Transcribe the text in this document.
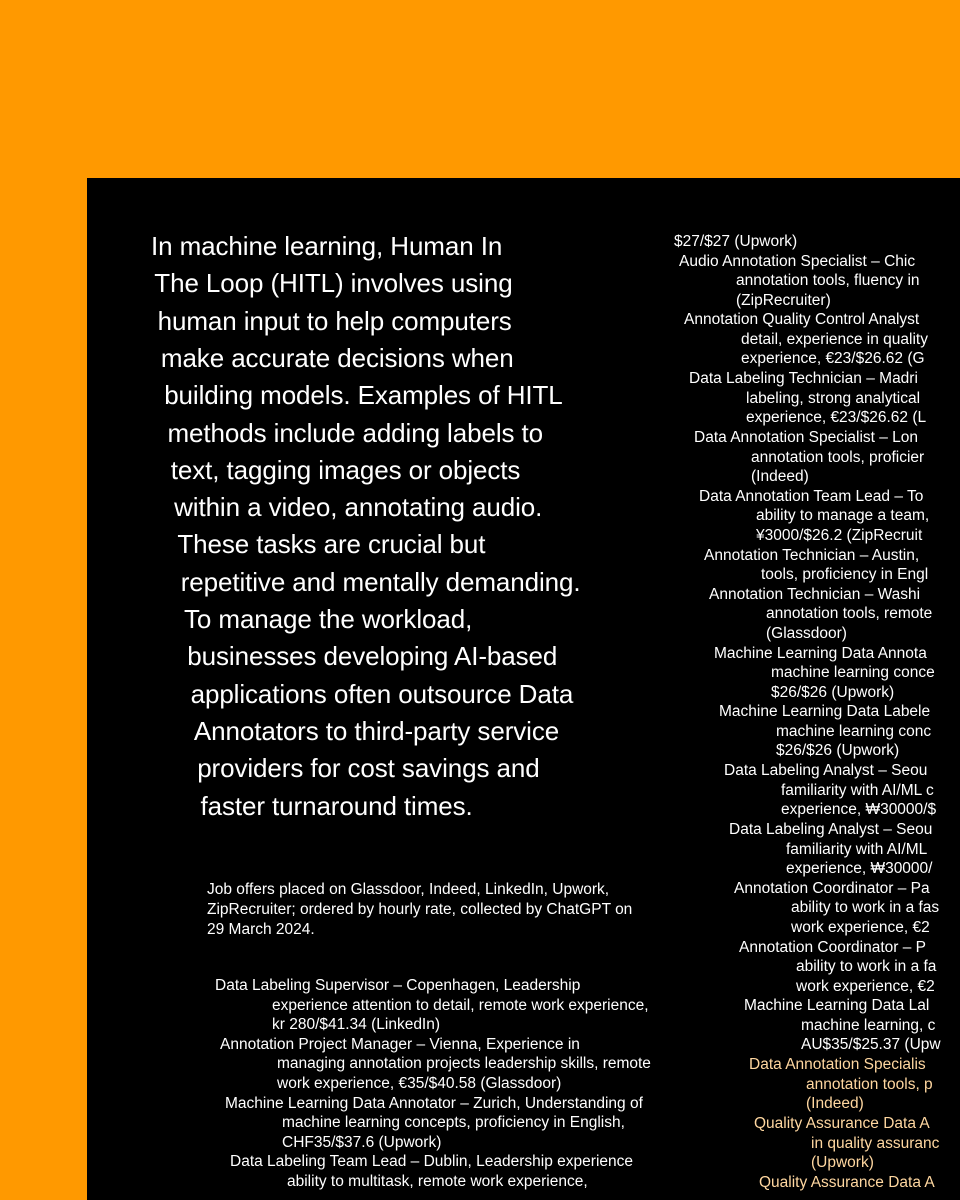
In machine learning, Human In
The Loop (HITL) involves using
human input to help computers
make accurate decisions when
building models. Examples of HITL
methods include adding labels to
text, tagging images or objects
within a video, annotating audio.
These tasks are crucial but
repetitive and mentally demanding.
To manage the workload,
businesses developing AI-based
applications often outsource Data
Annotators to third-party service
providers for cost savings and
faster turnaround times.
Job offers placed on Glassdoor, Indeed, LinkedIn, Upwork,
ZipRecruiter; ordered by hourly rate, collected by ChatGPT on
29 March 2024.
Data Labeling Supervisor – Copenhagen, Leadership
experience attention to detail, remote work experience,
kr 280/$41.34 (LinkedIn)
Annotation Project Manager – Vienna, Experience in
managing annotation projects leadership skills, remote
work experience, €35/$40.58 (Glassdoor)
Machine Learning Data Annotator – Zurich, Understanding of
machine learning concepts, proficiency in English,
CHF35/$37.6 (Upwork)
Data Labeling Team Lead – Dublin, Leadership experience
ability to multitask, remote work experience,
$27/$27 (Upwork)
Audio Annotation Specialist – Chic
annotation tools, fluency in
(ZipRecruiter)
Annotation Quality Control Analyst
detail, experience in quality
experience, €23/$26.62 (G
Data Labeling Technician – Madri
labeling, strong analytical
experience, €23/$26.62 (L
Data Annotation Specialist – Lon
annotation tools, proficier
(Indeed)
Data Annotation Team Lead – To
ability to manage a team,
¥3000/$26.2 (ZipRecruit
Annotation Technician – Austin,
tools, proficiency in Engl
Annotation Technician – Washi
annotation tools, remote
(Glassdoor)
Machine Learning Data Annota
machine learning conce
$26/$26 (Upwork)
Machine Learning Data Labele
machine learning conc
$26/$26 (Upwork)
Data Labeling Analyst – Seou
familiarity with AI/ML c
experience, ₩30000/$
Data Labeling Analyst – Seou
familiarity with AI/ML
experience, ₩30000/
Annotation Coordinator – Pa
ability to work in a fas
work experience, €2
Annotation Coordinator – P
ability to work in a fa
work experience, €2
Machine Learning Data Lal
machine learning, c
AU$35/$25.37 (Upw
Data Annotation Specialis
annotation tools, p
(Indeed)
Quality Assurance Data A
in quality assuranc
(Upwork)
Quality Assurance Data A
